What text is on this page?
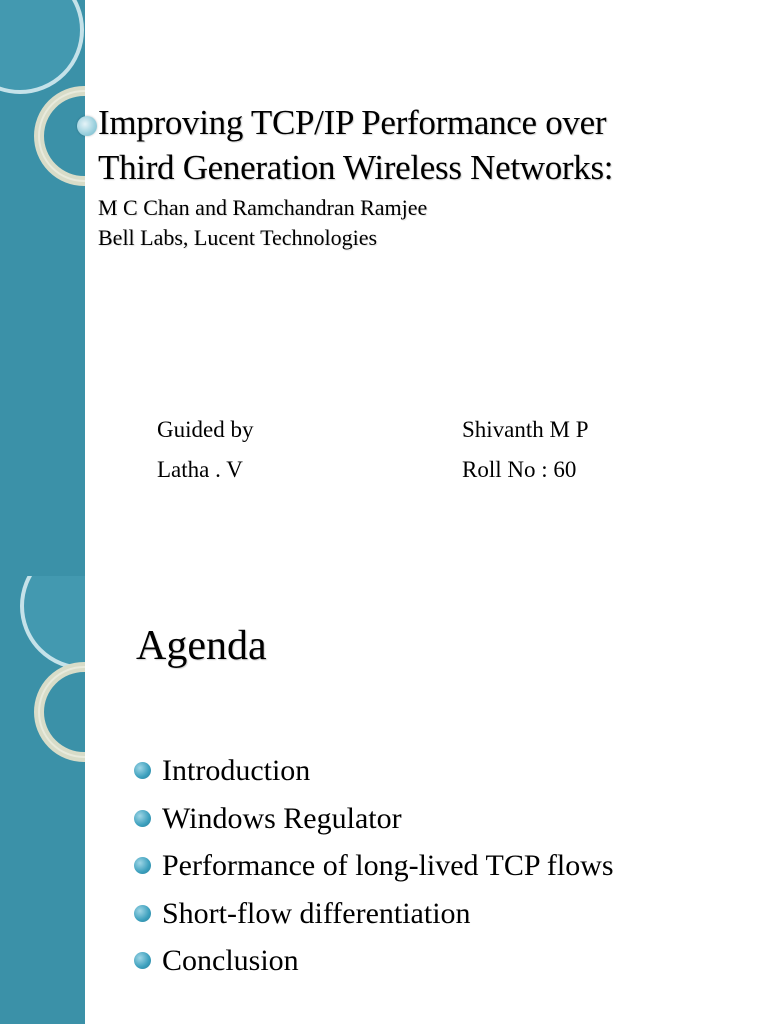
Improving TCP/IP Performance over
Third Generation Wireless Networks:
M C Chan and Ramchandran Ramjee
Bell Labs, Lucent Technologies
Guided by
Latha . V
Shivanth M P
Roll No : 60
Agenda
Introduction
Windows Regulator
Performance of long-lived TCP flows
Short-flow differentiation
Conclusion
